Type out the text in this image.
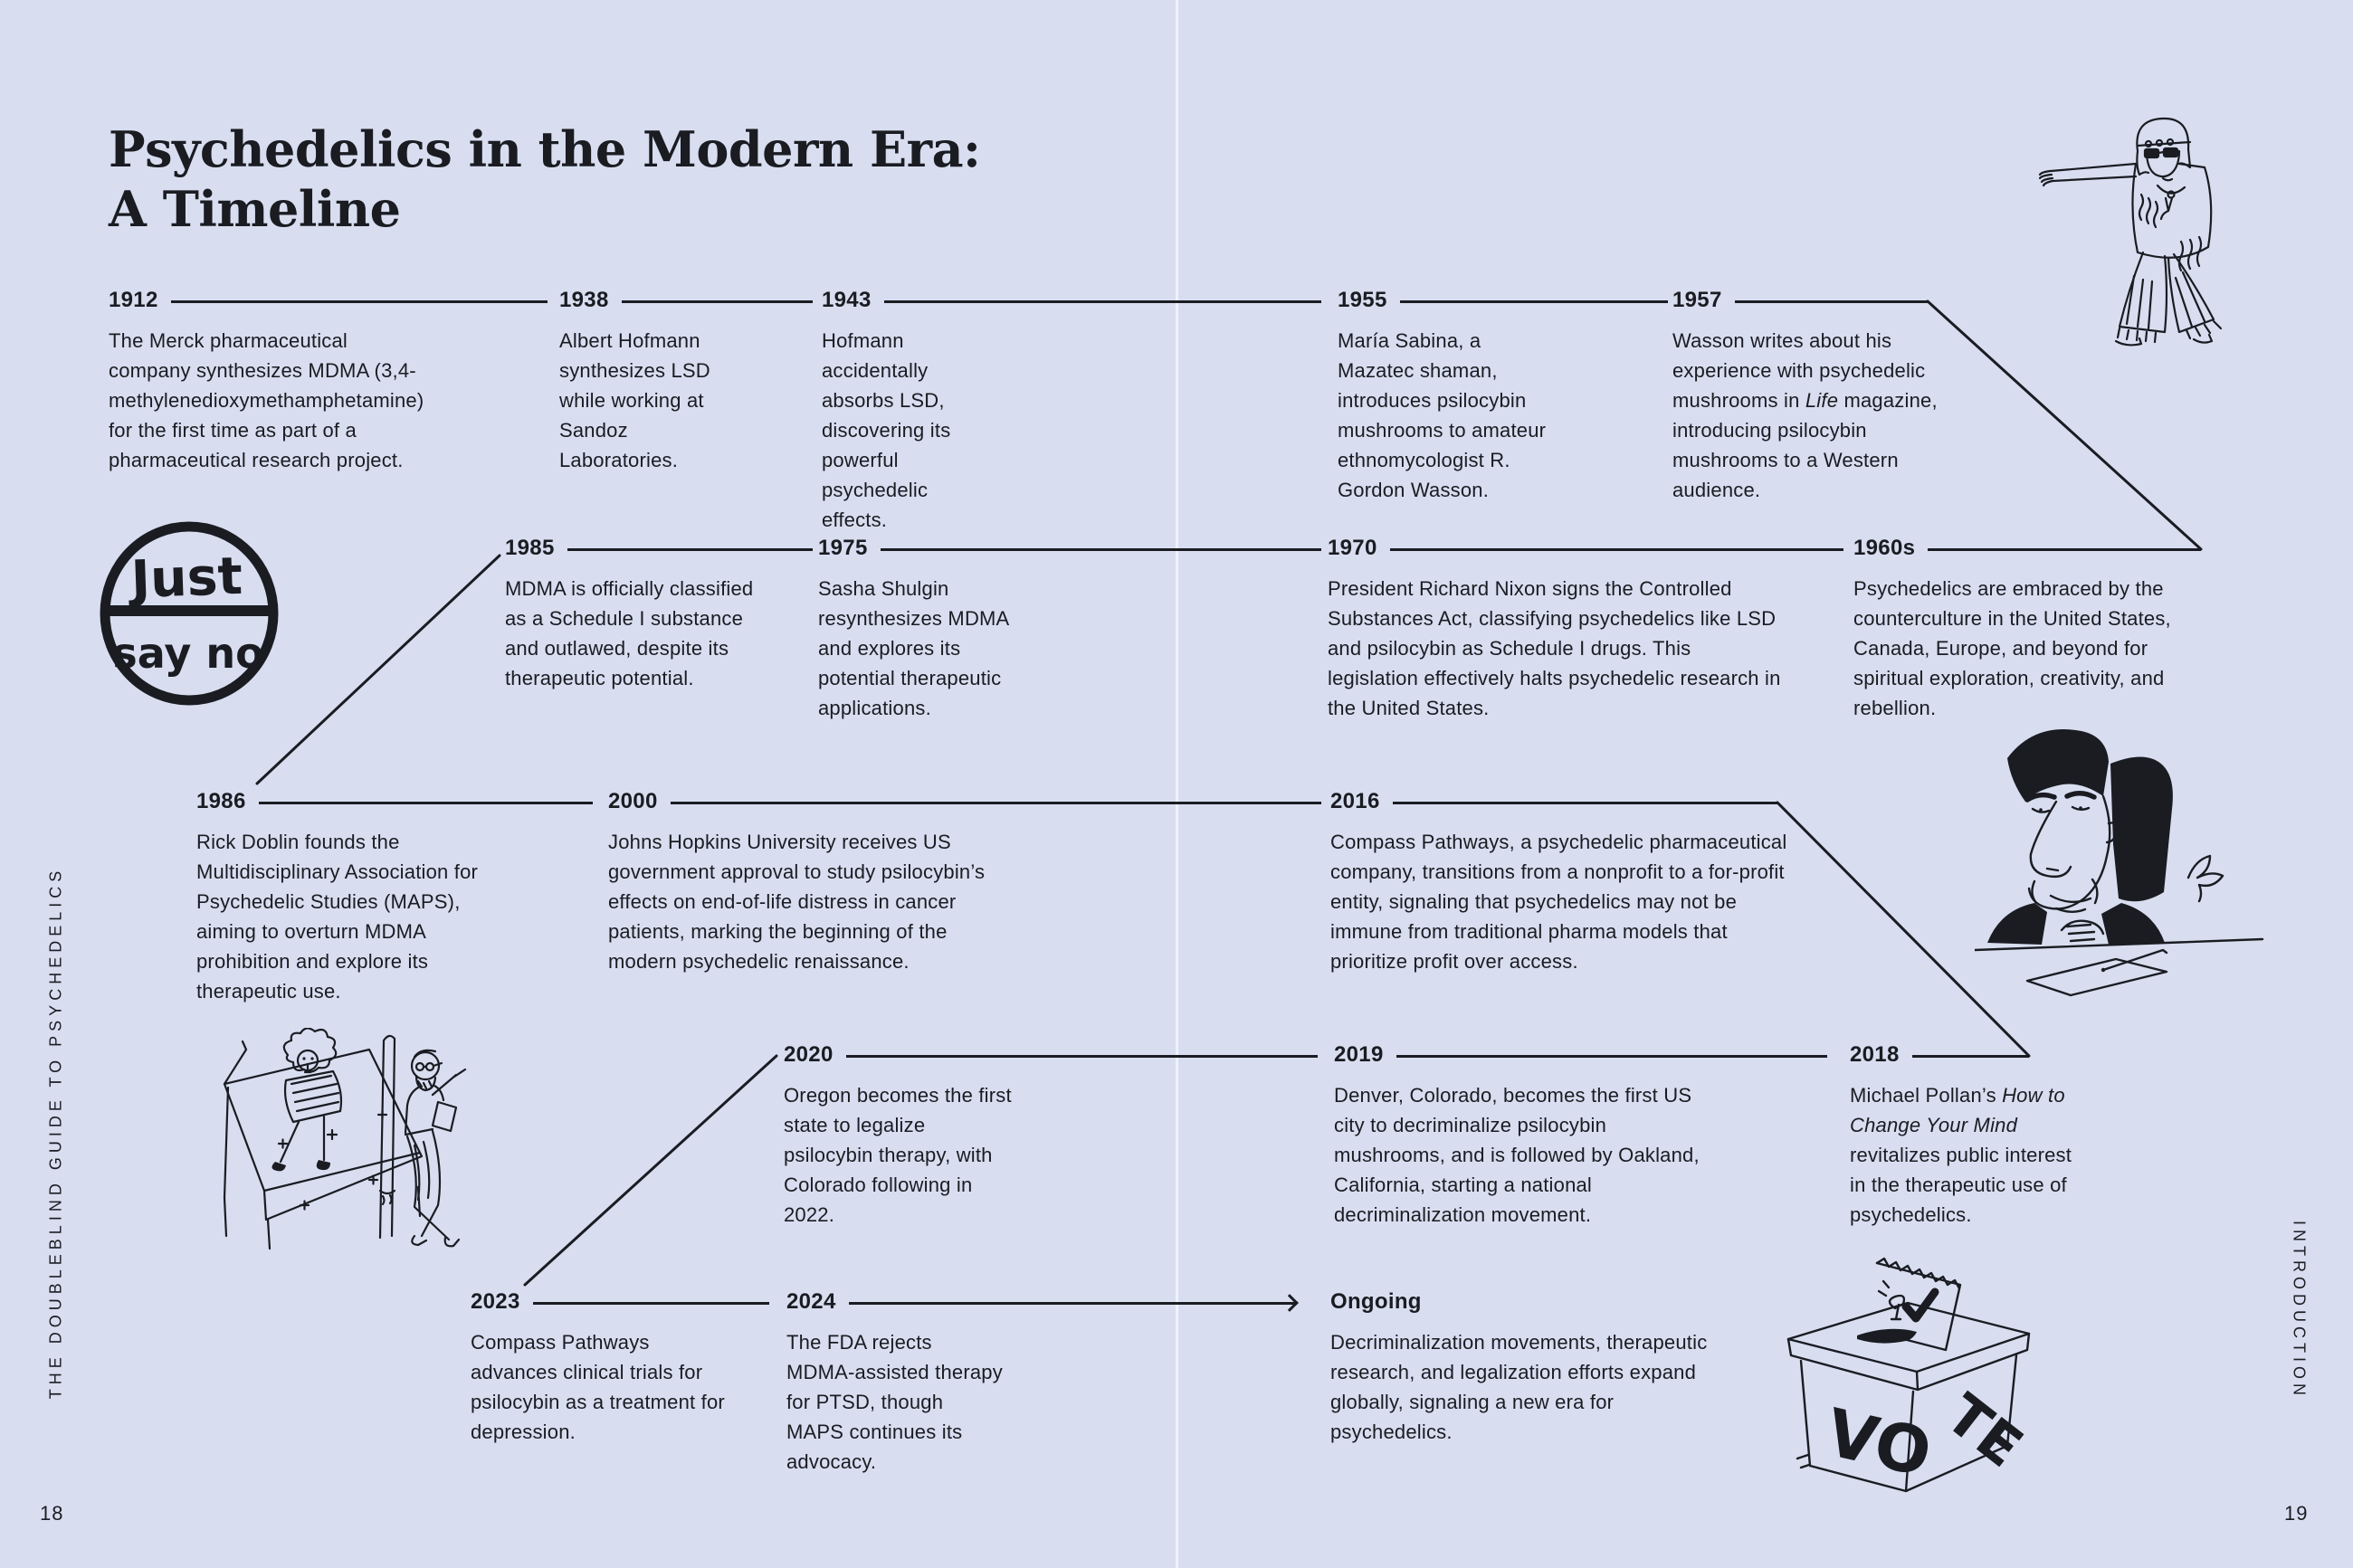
Psychedelics in the Modern Era:
A Timeline
1912

The Merck pharmaceutical company synthesizes MDMA (3,4-methylenedioxymethamphetamine) for the first time as part of a pharmaceutical research project.

1938

Albert Hofmann synthesizes LSD while working at Sandoz Laboratories.

1943

Hofmann accidentally absorbs LSD, discovering its powerful psychedelic effects.

1955

María Sabina, a Mazatec shaman, introduces psilocybin mushrooms to amateur ethnomycologist R. Gordon Wasson.

1957

Wasson writes about his experience with psychedelic mushrooms in Life magazine, introducing psilocybin mushrooms to a Western audience.

1985

MDMA is officially classified as a Schedule I substance and outlawed, despite its therapeutic potential.

1975

Sasha Shulgin resynthesizes MDMA and explores its potential therapeutic applications.

1970

President Richard Nixon signs the Controlled Substances Act, classifying psychedelics like LSD and psilocybin as Schedule I drugs. This legislation effectively halts psychedelic research in the United States.

1960s

Psychedelics are embraced by the counterculture in the United States, Canada, Europe, and beyond for spiritual exploration, creativity, and rebellion.

1986

Rick Doblin founds the Multidisciplinary Association for Psychedelic Studies (MAPS), aiming to overturn MDMA prohibition and explore its therapeutic use.

2000

Johns Hopkins University receives US government approval to study psilocybin’s effects on end-of-life distress in cancer patients, marking the beginning of the modern psychedelic renaissance.

2016

Compass Pathways, a psychedelic pharmaceutical company, transitions from a nonprofit to a for-profit entity, signaling that psychedelics may not be immune from traditional pharma models that prioritize profit over access.

2020

Oregon becomes the first state to legalize psilocybin therapy, with Colorado following in 2022.

2019

Denver, Colorado, becomes the first US city to decriminalize psilocybin mushrooms, and is followed by Oakland, California, starting a national decriminalization movement.

2018

Michael Pollan’s How to Change Your Mind revitalizes public interest in the therapeutic use of psychedelics.

2023

Compass Pathways advances clinical trials for psilocybin as a treatment for depression.

2024

The FDA rejects MDMA-assisted therapy for PTSD, though MAPS continues its advocacy.

Ongoing

Decriminalization movements, therapeutic research, and legalization efforts expand globally, signaling a new era for psychedelics.

Just
say no
VO
TE
THE DOUBLEBLIND GUIDE TO PSYCHEDELICS	INTRODUCTION
18	19
